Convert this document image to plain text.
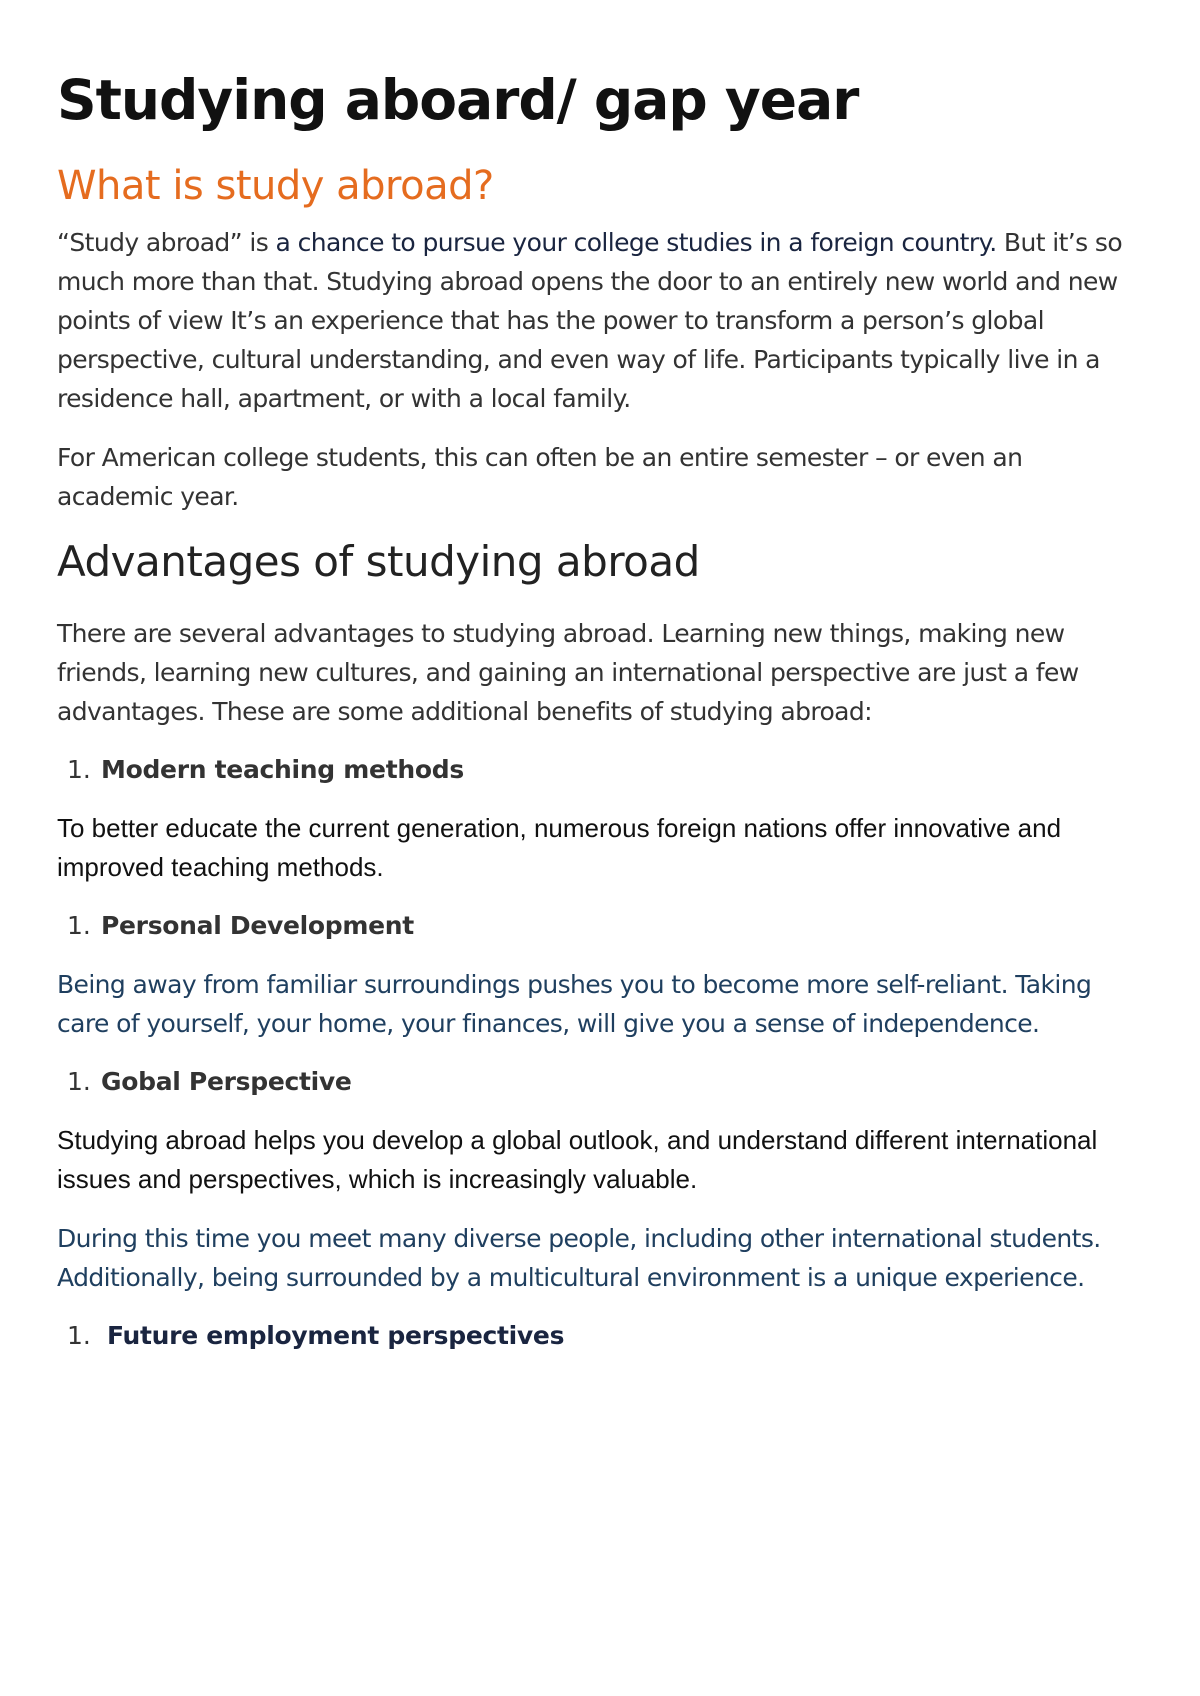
Studying aboard/ gap year
What is study abroad?

“Study abroad” is a chance to pursue your college studies in a foreign country. But it’s so much more than that. Studying abroad opens the door to an entirely new world and new points of view It’s an experience that has the power to transform a person’s global perspective, cultural understanding, and even way of life. Participants typically live in a residence hall, apartment, or with a local family.

For American college students, this can often be an entire semester – or even an academic year.

Advantages of studying abroad

There are several advantages to studying abroad. Learning new things, making new friends, learning new cultures, and gaining an international perspective are just a few advantages. These are some additional benefits of studying abroad:

1. Modern teaching methods

To better educate the current generation, numerous foreign nations offer innovative and improved teaching methods.

1. Personal Development

Being away from familiar surroundings pushes you to become more self-reliant. Taking care of yourself, your home, your finances, will give you a sense of independence.

1. Gobal Perspective

Studying abroad helps you develop a global outlook, and understand different international issues and perspectives, which is increasingly valuable.

During this time you meet many diverse people, including other international students. Additionally, being surrounded by a multicultural environment is a unique experience.

1. Future employment perspectives
